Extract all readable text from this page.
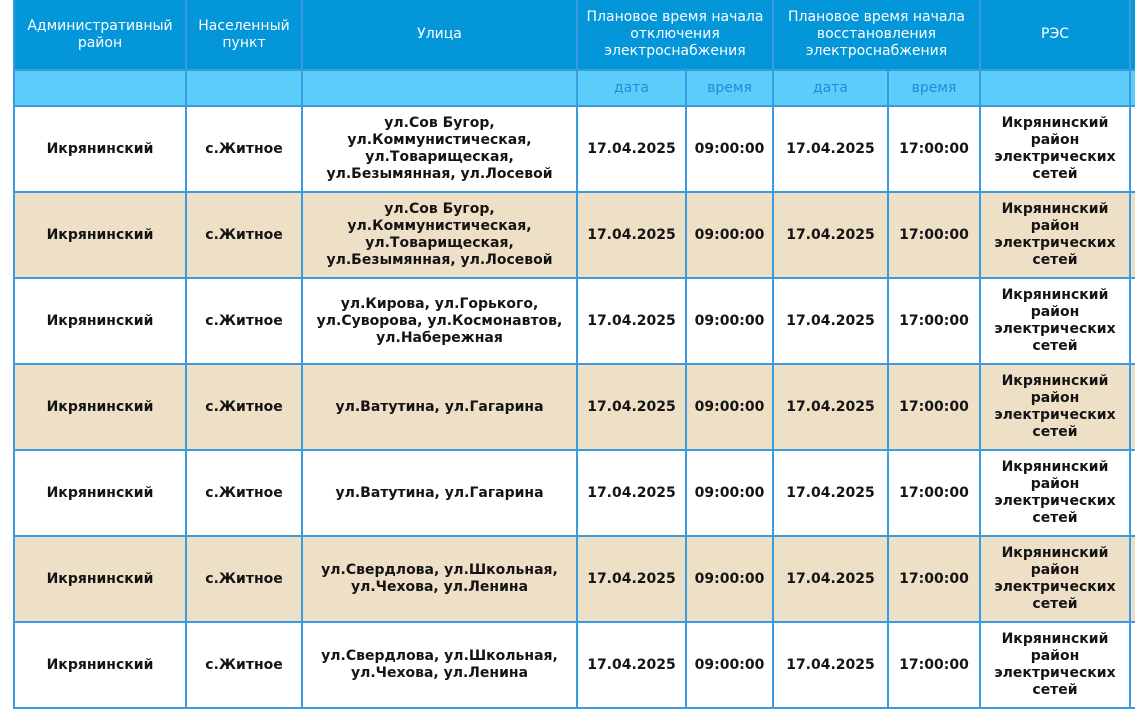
Административный район	Населенный пункт	Улица	Плановое время начала отключения электроснабжения		Плановое время начала восстановления электроснабжения		РЭС	
			дата	время	дата	время		
Икрянинский	с.Житное	ул.Сов Бугор, ул.Коммунистическая, ул.Товарищеская, ул.Безымянная, ул.Лосевой	17.04.2025	09:00:00	17.04.2025	17:00:00	Икрянинский район электрических сетей	
Икрянинский	с.Житное	ул.Сов Бугор, ул.Коммунистическая, ул.Товарищеская, ул.Безымянная, ул.Лосевой	17.04.2025	09:00:00	17.04.2025	17:00:00	Икрянинский район электрических сетей	
Икрянинский	с.Житное	ул.Кирова, ул.Горького, ул.Суворова, ул.Космонавтов, ул.Набережная	17.04.2025	09:00:00	17.04.2025	17:00:00	Икрянинский район электрических сетей	
Икрянинский	с.Житное	ул.Ватутина, ул.Гагарина	17.04.2025	09:00:00	17.04.2025	17:00:00	Икрянинский район электрических сетей	
Икрянинский	с.Житное	ул.Ватутина, ул.Гагарина	17.04.2025	09:00:00	17.04.2025	17:00:00	Икрянинский район электрических сетей	
Икрянинский	с.Житное	ул.Свердлова, ул.Школьная, ул.Чехова, ул.Ленина	17.04.2025	09:00:00	17.04.2025	17:00:00	Икрянинский район электрических сетей	
Икрянинский	с.Житное	ул.Свердлова, ул.Школьная, ул.Чехова, ул.Ленина	17.04.2025	09:00:00	17.04.2025	17:00:00	Икрянинский район электрических сетей	
